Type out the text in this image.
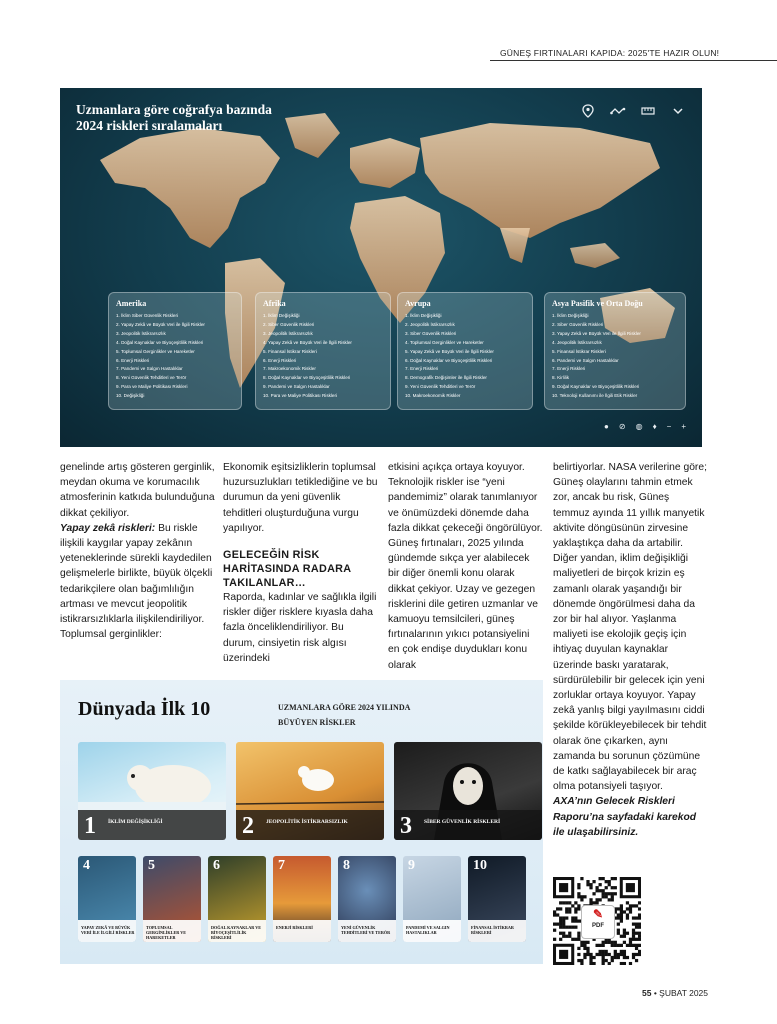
GÜNEŞ FIRTINALARI KAPIDA: 2025'TE HAZIR OLUN!
Uzmanlara göre coğrafya bazında
2024 riskleri sıralamaları
Amerika
1. İklim Siber Güvenlik Riskleri
2. Yapay Zekâ ve Büyük Veri ile İlgili Riskler
3. Jeopolitik İstikrarsızlık
4. Doğal Kaynaklar ve Biyoçeşitlilik Riskleri
5. Toplumsal Gerginlikler ve Hareketler
6. Enerji Riskleri
7. Pandemi ve Salgın Hastalıklar
8. Yeni Güvenlik Tehditleri ve Terör
9. Para ve Maliye Politikası Riskleri
10. Değişikliği
Afrika
1. İklim Değişikliği
2. Siber Güvenlik Riskleri
3. Jeopolitik İstikrarsızlık
4. Yapay Zekâ ve Büyük Veri ile İlgili Riskler
5. Finansal İstikrar Riskleri
6. Enerji Riskleri
7. Makroekonomik Riskler
8. Doğal Kaynaklar ve Biyoçeşitlilik Riskleri
9. Pandemi ve Salgın Hastalıklar
10. Para ve Maliye Politikası Riskleri
Avrupa
1. İklim Değişikliği
2. Jeopolitik İstikrarsızlık
3. Siber Güvenlik Riskleri
4. Toplumsal Gerginlikler ve Hareketler
5. Yapay Zekâ ve Büyük Veri ile İlgili Riskler
6. Doğal Kaynaklar ve Biyoçeşitlilik Riskleri
7. Enerji Riskleri
8. Demografik Değişimler ile İlgili Riskler
9. Yeni Güvenlik Tehditleri ve Terör
10. Makroekonomik Riskler
Asya Pasifik ve Orta Doğu
1. İklim Değişikliği
2. Siber Güvenlik Riskleri
3. Yapay Zekâ ve Büyük Veri ile İlgili Riskler
4. Jeopolitik İstikrarsızlık
5. Finansal İstikrar Riskleri
6. Pandemi ve Salgın Hastalıklar
7. Enerji Riskleri
8. Kirlilik
9. Doğal Kaynaklar ve Biyoçeşitlilik Riskleri
10. Teknoloji Kullanımı ile İlgili Etik Riskler
● ⊘ ◍ ♦ − +

genelinde artış gösteren gerginlik, meydan okuma ve korumacılık atmosferinin katkıda bulunduğuna dikkat çekiliyor.

Yapay zekâ riskleri: Bu riskle ilişkili kaygılar yapay zekânın yeteneklerinde sürekli kaydedilen gelişmelerle birlikte, büyük ölçekli tedarikçilere olan bağımlılığın artması ve mevcut jeopolitik istikrarsızlıklarla ilişkilendiriliyor. Toplumsal gerginlikler:

Ekonomik eşitsizliklerin toplumsal huzursuzlukları tetiklediğine ve bu durumun da yeni güvenlik tehditleri oluşturduğuna vurgu yapılıyor.

GELECEĞİN RİSK HARİTASINDA RADARA TAKILANLAR…

Raporda, kadınlar ve sağlıkla ilgili riskler diğer risklere kıyasla daha fazla önceliklendiriliyor. Bu durum, cinsiyetin risk algısı üzerindeki

etkisini açıkça ortaya koyuyor. Teknolojik riskler ise “yeni pandemimiz” olarak tanımlanıyor ve önümüzdeki dönemde daha fazla dikkat çekeceği öngörülüyor. Güneş fırtınaları, 2025 yılında gündemde sıkça yer alabilecek bir diğer önemli konu olarak dikkat çekiyor. Uzay ve gezegen risklerini dile getiren uzmanlar ve kamuoyu temsilcileri, güneş fırtınalarının yıkıcı potansiyelini en çok endişe duydukları konu olarak

belirtiyorlar. NASA verilerine göre; Güneş olaylarını tahmin etmek zor, ancak bu risk, Güneş temmuz ayında 11 yıllık manyetik aktivite döngüsünün zirvesine yaklaştıkça daha da artabilir.

Diğer yandan, iklim değişikliği maliyetleri de birçok krizin eş zamanlı olarak yaşandığı bir dönemde öngörülmesi daha da zor bir hal alıyor. Yaşlanma maliyeti ise ekolojik geçiş için ihtiyaç duyulan kaynaklar üzerinde baskı yaratarak, sürdürülebilir bir gelecek için yeni zorluklar ortaya koyuyor. Yapay zekâ yanlış bilgi yayılmasını ciddi şekilde körükleyebilecek bir tehdit olarak öne çıkarken, aynı zamanda bu sorunun çözümüne de katkı sağlayabilecek bir araç olma potansiyeli taşıyor.

AXA’nın Gelecek Riskleri Raporu’na sayfadaki karekod ile ulaşabilirsiniz.

Dünyada İlk 10	UZMANLARA GÖRE 2024 YILINDA BÜYÜYEN RİSKLER
1 İKLİM DEĞİŞİKLİĞİ	2 JEOPOLİTİK İSTİKRARSIZLIK	3 SİBER GÜVENLİK RİSKLERİ
4
YAPAY ZEKÂ VE BÜYÜK VERİ İLE İLGİLİ RİSKLER
5
TOPLUMSAL GERGİNLİKLER VE HAREKETLER
6
DOĞAL KAYNAKLAR VE BİYOÇEŞİTLİLİK RİSKLERİ
7
ENERJİ RİSKLERİ
8
YENİ GÜVENLİK TEHDİTLERİ VE TERÖR
9
PANDEMİ VE SALGIN HASTALIKLAR
10
FİNANSAL İSTİKRAR RİSKLERİ
✎
PDF
55 • ŞUBAT 2025
